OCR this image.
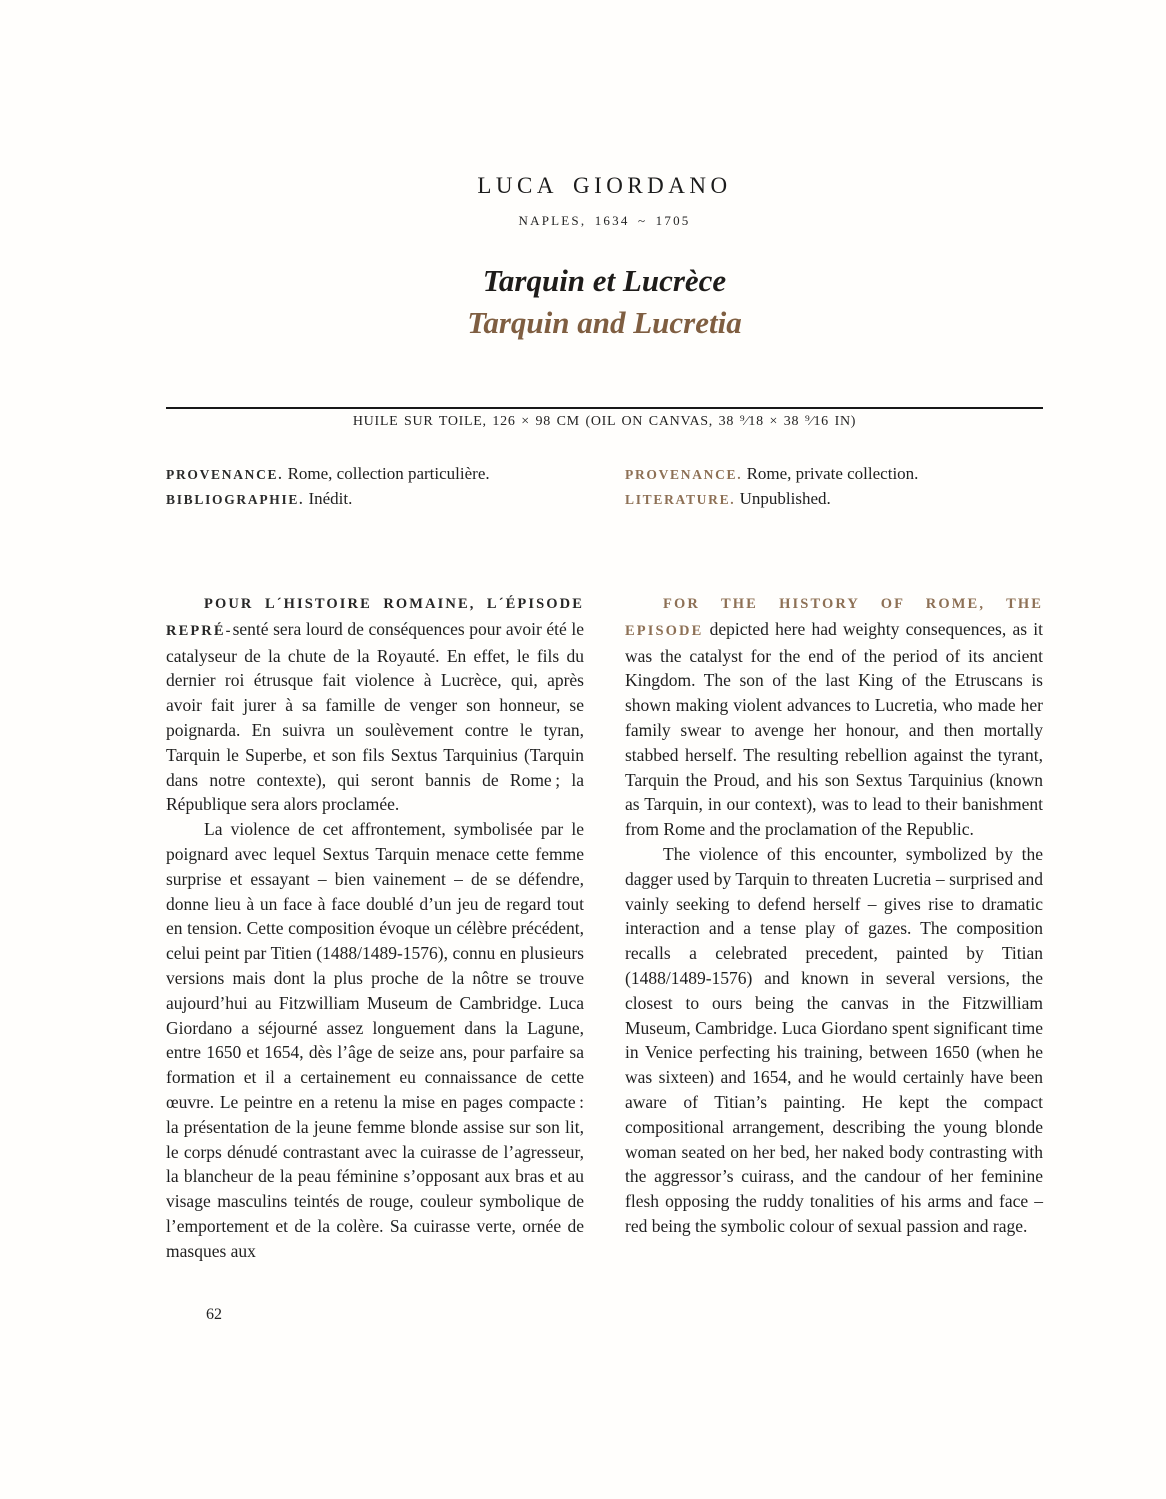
LUCA GIORDANO
NAPLES, 1634 ~ 1705
Tarquin et Lucrèce
Tarquin and Lucretia
HUILE SUR TOILE, 126 × 98 CM (OIL ON CANVAS, 38 ⁹⁄18 × 38 ⁹⁄16 IN)
PROVENANCE. Rome, collection particulière.
BIBLIOGRAPHIE. Inédit.
PROVENANCE. Rome, private collection.
LITERATURE. Unpublished.

POUR L´HISTOIRE ROMAINE, L´ÉPISODE REPRÉ-senté sera lourd de conséquences pour avoir été le catalyseur de la chute de la Royauté. En effet, le fils du dernier roi étrusque fait violence à Lucrèce, qui, après avoir fait jurer à sa famille de venger son honneur, se poignarda. En suivra un soulèvement contre le tyran, Tarquin le Superbe, et son fils Sextus Tarquinius (Tarquin dans notre contexte), qui seront bannis de Rome ; la République sera alors proclamée.

La violence de cet affrontement, symbolisée par le poignard avec lequel Sextus Tarquin menace cette femme surprise et essayant – bien vainement – de se défendre, donne lieu à un face à face doublé d’un jeu de regard tout en tension. Cette composition évoque un célèbre précédent, celui peint par Titien (1488/1489-1576), connu en plusieurs versions mais dont la plus proche de la nôtre se trouve aujourd’hui au Fitzwilliam Museum de Cambridge. Luca Giordano a séjourné assez longuement dans la Lagune, entre 1650 et 1654, dès l’âge de seize ans, pour parfaire sa formation et il a certainement eu connaissance de cette œuvre. Le peintre en a retenu la mise en pages compacte : la présentation de la jeune femme blonde assise sur son lit, le corps dénudé contrastant avec la cuirasse de l’agresseur, la blancheur de la peau féminine s’opposant aux bras et au visage masculins teintés de rouge, couleur symbolique de l’emportement et de la colère. Sa cuirasse verte, ornée de masques aux

FOR THE HISTORY OF ROME, THE EPISODE depicted here had weighty consequences, as it was the catalyst for the end of the period of its ancient Kingdom. The son of the last King of the Etruscans is shown making violent advances to Lucretia, who made her family swear to avenge her honour, and then mortally stabbed herself. The resulting rebellion against the tyrant, Tarquin the Proud, and his son Sextus Tarquinius (known as Tarquin, in our context), was to lead to their banishment from Rome and the proclamation of the Republic.

The violence of this encounter, symbolized by the dagger used by Tarquin to threaten Lucretia – surprised and vainly seeking to defend herself – gives rise to dramatic interaction and a tense play of gazes. The composition recalls a celebrated precedent, painted by Titian (1488/1489-1576) and known in several versions, the closest to ours being the canvas in the Fitzwilliam Museum, Cambridge. Luca Giordano spent significant time in Venice perfecting his training, between 1650 (when he was sixteen) and 1654, and he would certainly have been aware of Titian’s painting. He kept the compact compositional arrangement, describing the young blonde woman seated on her bed, her naked body contrasting with the aggressor’s cuirass, and the candour of her feminine flesh opposing the ruddy tonalities of his arms and face – red being the symbolic colour of sexual passion and rage.

62
